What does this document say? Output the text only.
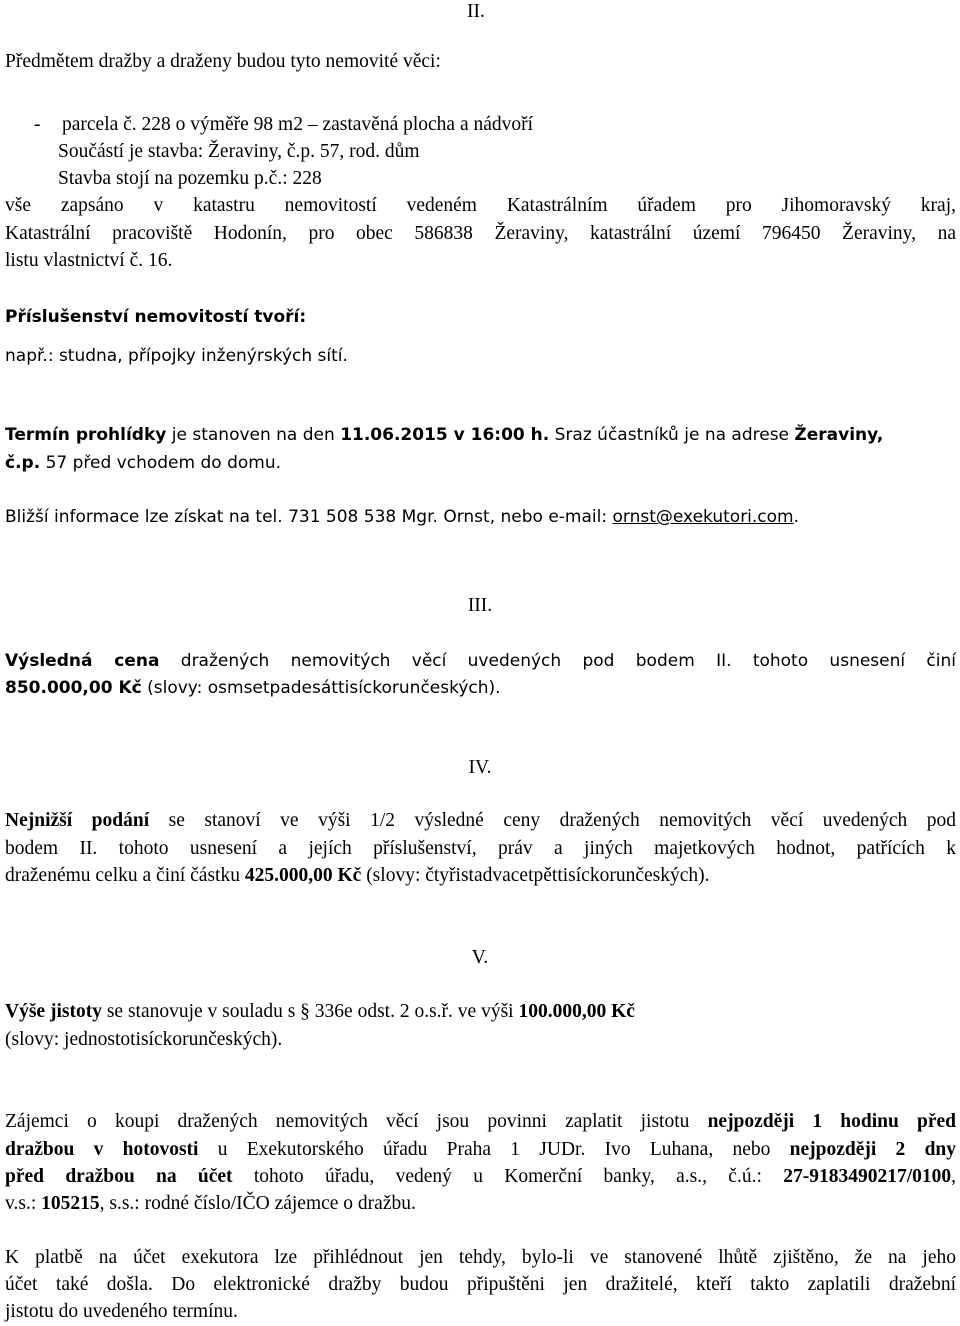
II.
Předmětem dražby a draženy budou tyto nemovité věci:
- parcela č. 228 o výměře 98 m2 – zastavěná plocha a nádvoří
Součástí je stavba: Žeraviny, č.p. 57, rod. dům
Stavba stojí na pozemku p.č.: 228
vše zapsáno v katastru nemovitostí vedeném Katastrálním úřadem pro Jihomoravský kraj,
Katastrální pracoviště Hodonín, pro obec 586838 Žeraviny, katastrální území 796450 Žeraviny, na
listu vlastnictví č. 16.
Příslušenství nemovitostí tvoří:
např.: studna, přípojky inženýrských sítí.
Termín prohlídky je stanoven na den 11.06.2015 v 16:00 h. Sraz účastníků je na adrese Žeraviny,
č.p. 57 před vchodem do domu.
Bližší informace lze získat na tel. 731 508 538 Mgr. Ornst, nebo e-mail: ornst@exekutori.com.
III.
Výsledná cena dražených nemovitých věcí uvedených pod bodem II. tohoto usnesení činí
850.000,00 Kč (slovy: osmsetpadesáttisíckorunčeských).
IV.
Nejnižší podání se stanoví ve výši 1/2 výsledné ceny dražených nemovitých věcí uvedených pod
bodem II. tohoto usnesení a jejích příslušenství, práv a jiných majetkových hodnot, patřících k
draženému celku a činí částku 425.000,00 Kč (slovy: čtyřistadvacetpěttisíckorunčeských).
V.
Výše jistoty se stanovuje v souladu s § 336e odst. 2 o.s.ř. ve výši 100.000,00 Kč
(slovy: jednostotisíckorunčeských).
Zájemci o koupi dražených nemovitých věcí jsou povinni zaplatit jistotu nejpozději 1 hodinu před
dražbou v hotovosti u Exekutorského úřadu Praha 1 JUDr. Ivo Luhana, nebo nejpozději 2 dny
před dražbou na účet tohoto úřadu, vedený u Komerční banky, a.s., č.ú.: 27-9183490217/0100,
v.s.: 105215, s.s.: rodné číslo/IČO zájemce o dražbu.
K platbě na účet exekutora lze přihlédnout jen tehdy, bylo-li ve stanovené lhůtě zjištěno, že na jeho
účet také došla. Do elektronické dražby budou připuštěni jen dražitelé, kteří takto zaplatili dražební
jistotu do uvedeného termínu.
